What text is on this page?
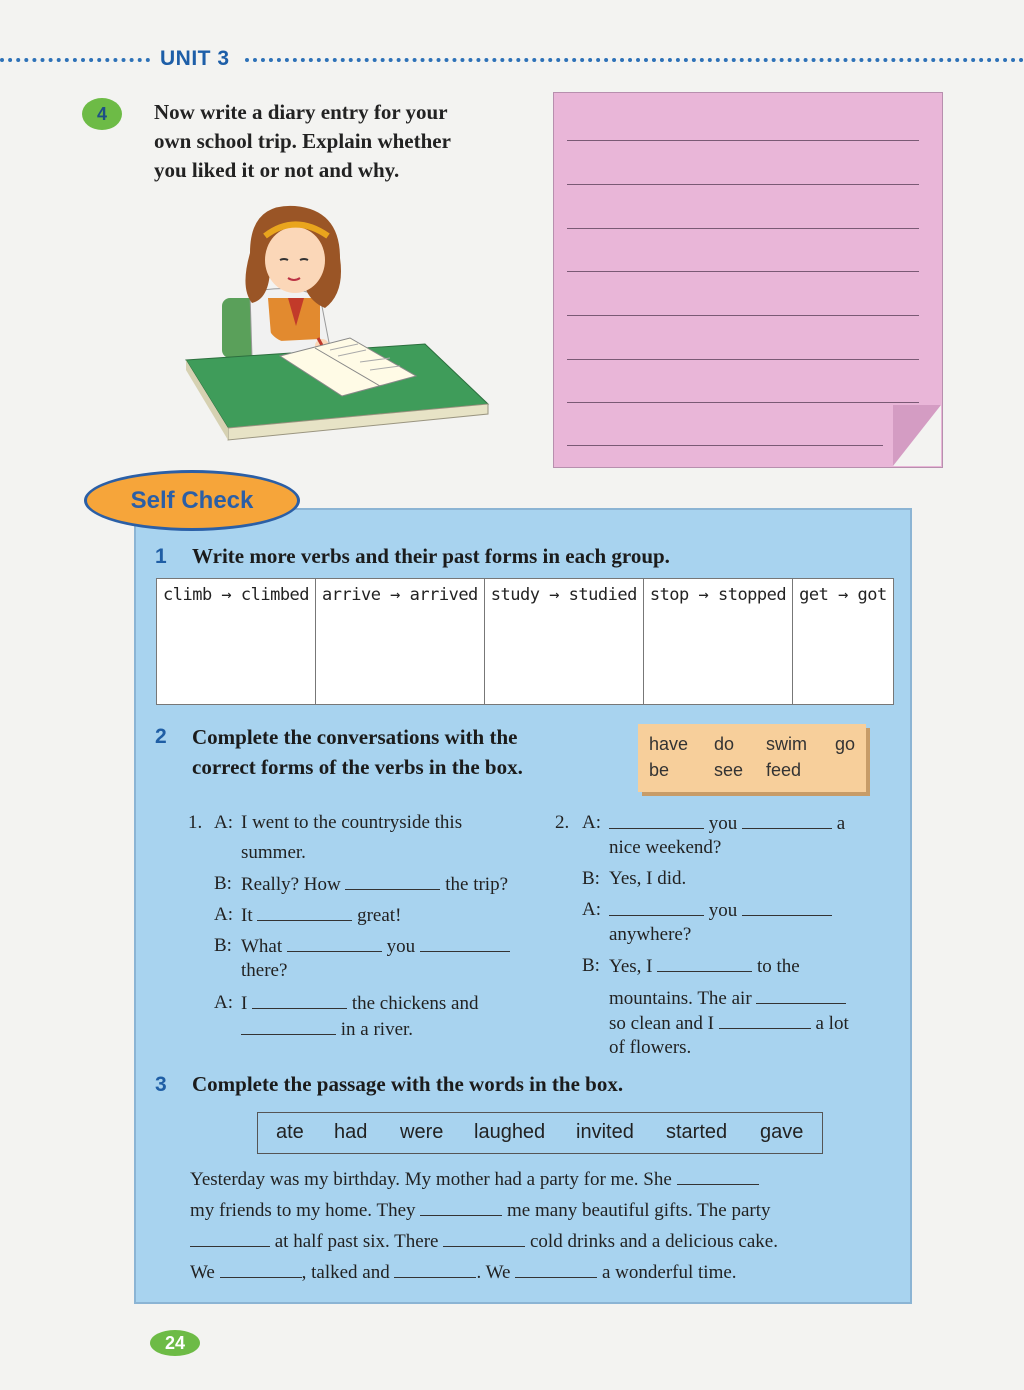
UNIT 3
4	Now write a diary entry for your
own school trip. Explain whether
you liked it or not and why.
Self Check
1 Write more verbs and their past forms in each group.
climb → climbed	arrive → arrived	study → studied	stop → stopped	get → got
2 Complete the conversations with the
correct forms of the verbs in the box.
have do swim go
be see feed
1. A: I went to the countryside this
summer.
B: Really? How	the trip?
A: It	great!
B: What	you
there?
A: I	the chickens and
in a river.
2. A:	you	a
nice weekend?
B: Yes, I did.
A:	you
anywhere?
B: Yes, I	to the
mountains. The air
so clean and I	a lot
of flowers.
3 Complete the passage with the words in the box.
ate had were laughed invited started gave
Yesterday was my birthday. My mother had a party for me. She
my friends to my home. They	me many beautiful gifts. The party
at half past six. There	cold drinks and a delicious cake.
We	, talked and	. We	a wonderful time.
24
